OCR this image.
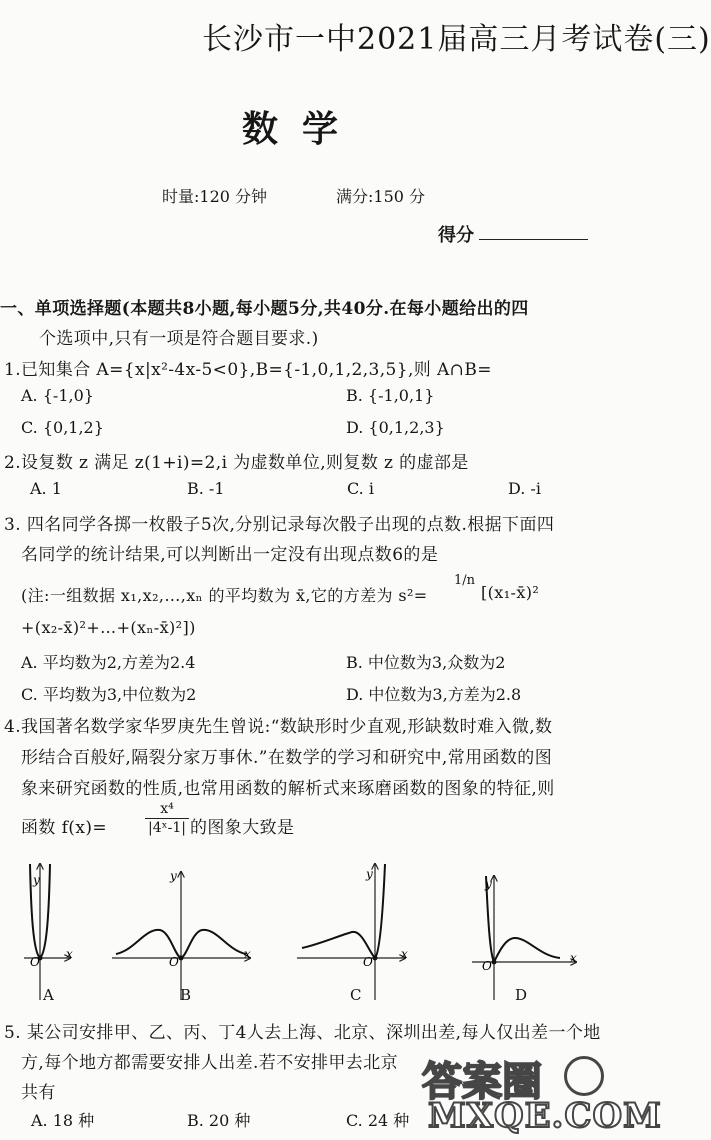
长沙市一中2021届高三月考试卷(三)
数学
时量:120 分钟	满分:150 分
得分
一、单项选择题(本题共8小题,每小题5分,共40分.在每小题给出的四
个选项中,只有一项是符合题目要求.)
1.已知集合 A={x|x²-4x-5<0},B={-1,0,1,2,3,5},则 A∩B=
A. {-1,0}	B. {-1,0,1}
C. {0,1,2}	D. {0,1,2,3}
2.设复数 z 满足 z(1+i)=2,i 为虚数单位,则复数 z 的虚部是
A. 1	B. -1	C. i	D. -i
3. 四名同学各掷一枚骰子5次,分别记录每次骰子出现的点数.根据下面四
名同学的统计结果,可以判断出一定没有出现点数6的是
(注:一组数据 x₁,x₂,…,xₙ 的平均数为 x̄,它的方差为 s²=
1/n
[(x₁-x̄)²
+(x₂-x̄)²+…+(xₙ-x̄)²])
A. 平均数为2,方差为2.4	B. 中位数为3,众数为2
C. 平均数为3,中位数为2	D. 中位数为3,方差为2.8
4.我国著名数学家华罗庚先生曾说:“数缺形时少直观,形缺数时难入微,数
形结合百般好,隔裂分家万事休.”在数学的学习和研究中,常用函数的图
象来研究函数的性质,也常用函数的解析式来琢磨函数的图象的特征,则
函数 f(x)=	$\frac{\text{x⁴}}{\text{|4ˣ-1|}}$ 的图象大致是
y
x
O
y
x
O
y
x
O
y
x
O
A	B	C	D
5. 某公司安排甲、乙、丙、丁4人去上海、北京、深圳出差,每人仅出差一个地
方,每个地方都需要安排人出差.若不安排甲去北京
共有
A. 18 种	B. 20 种	C. 24 种
答案圈
MXQE.COM
